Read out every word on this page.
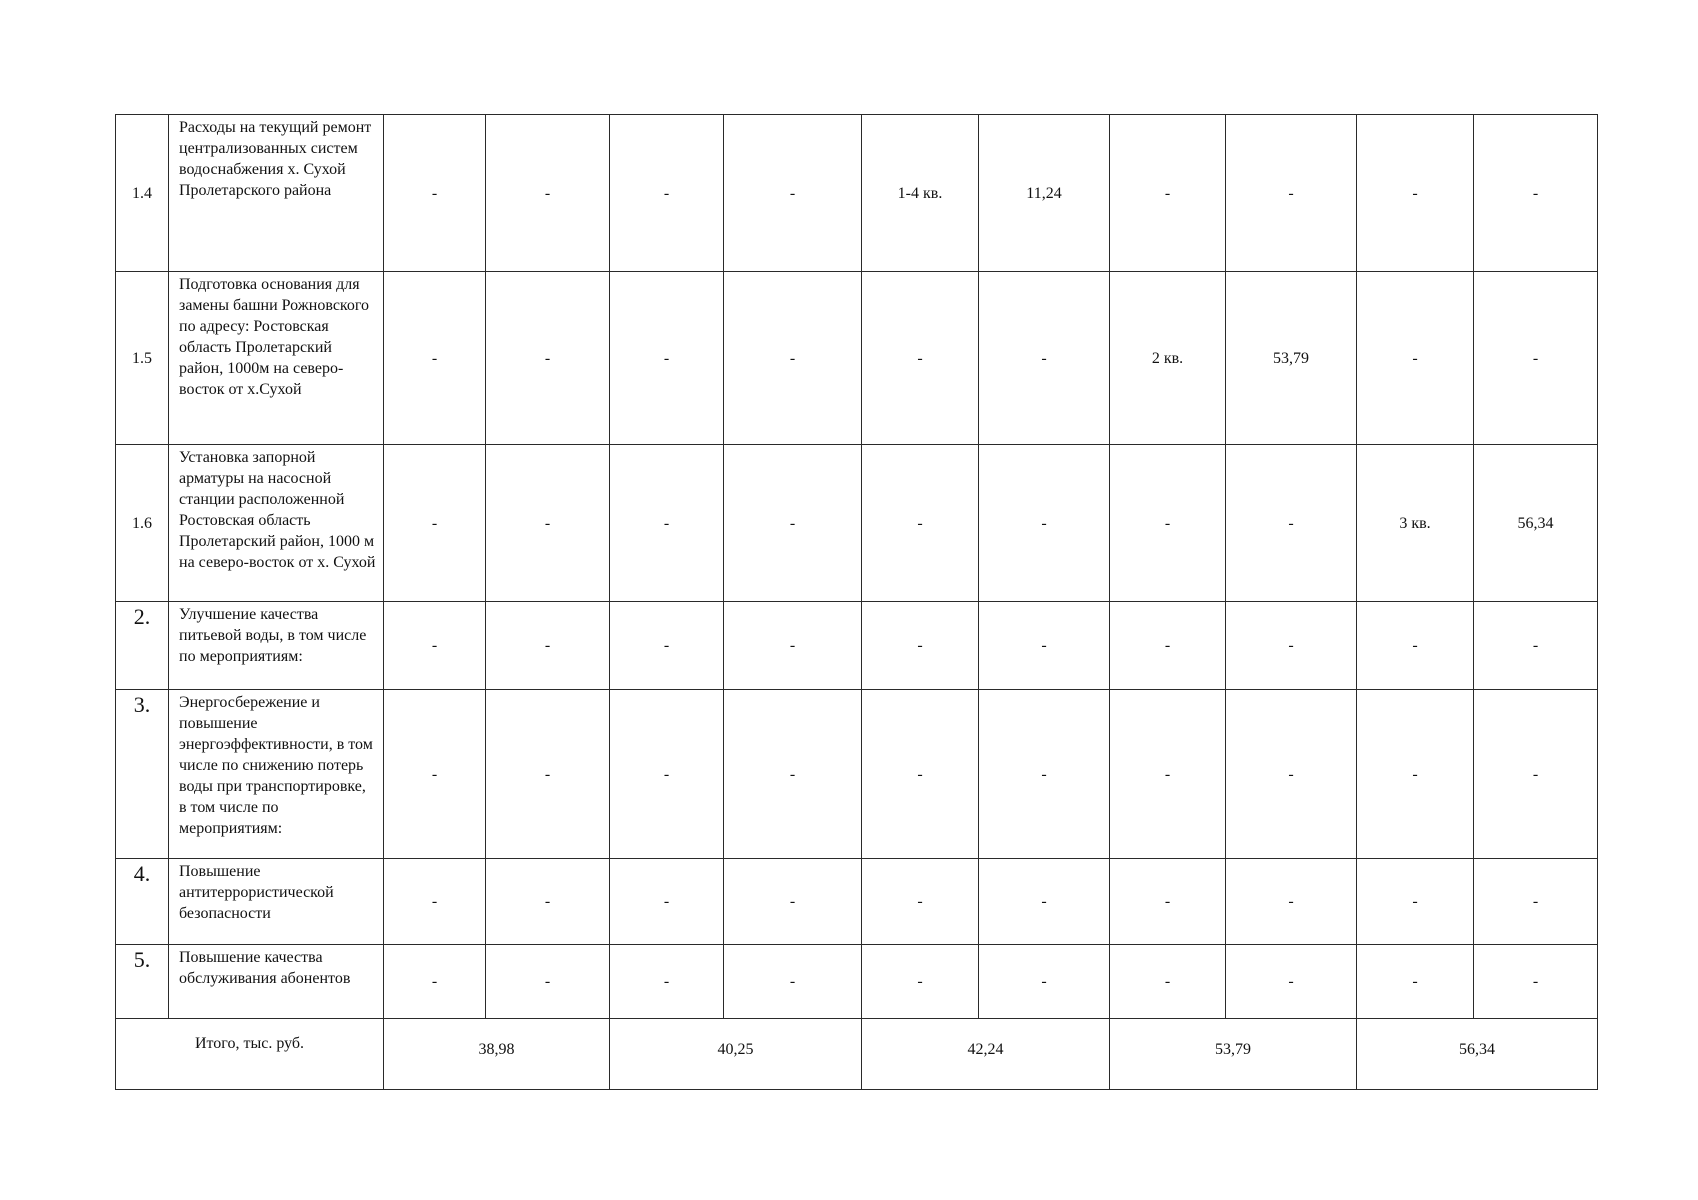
1.4	Расходы на текущий ремонт централизованных систем водоснабжения х. Сухой Пролетарского района	-	-	-	-	1-4 кв.	11,24	-	-	-	-
1.5	Подготовка основания для замены башни Рожновского по адресу: Ростовская область Пролетарский район, 1000м на северо-восток от х.Сухой	-	-	-	-	-	-	2 кв.	53,79	-	-
1.6	Установка запорной арматуры на насосной станции расположенной Ростовская область Пролетарский район, 1000 м на северо-восток от х. Сухой	-	-	-	-	-	-	-	-	3 кв.	56,34
2.	Улучшение качества питьевой воды, в том числе по мероприятиям:	-	-	-	-	-	-	-	-	-	-
3.	Энергосбережение и повышение энергоэффективности, в том числе по снижению потерь воды при транспортировке, в том числе по мероприятиям:	-	-	-	-	-	-	-	-	-	-
4.	Повышение антитеррористической безопасности	-	-	-	-	-	-	-	-	-	-
5.	Повышение качества обслуживания абонентов	-	-	-	-	-	-	-	-	-	-
Итого, тыс. руб.		38,98		40,25		42,24		53,79		56,34	
